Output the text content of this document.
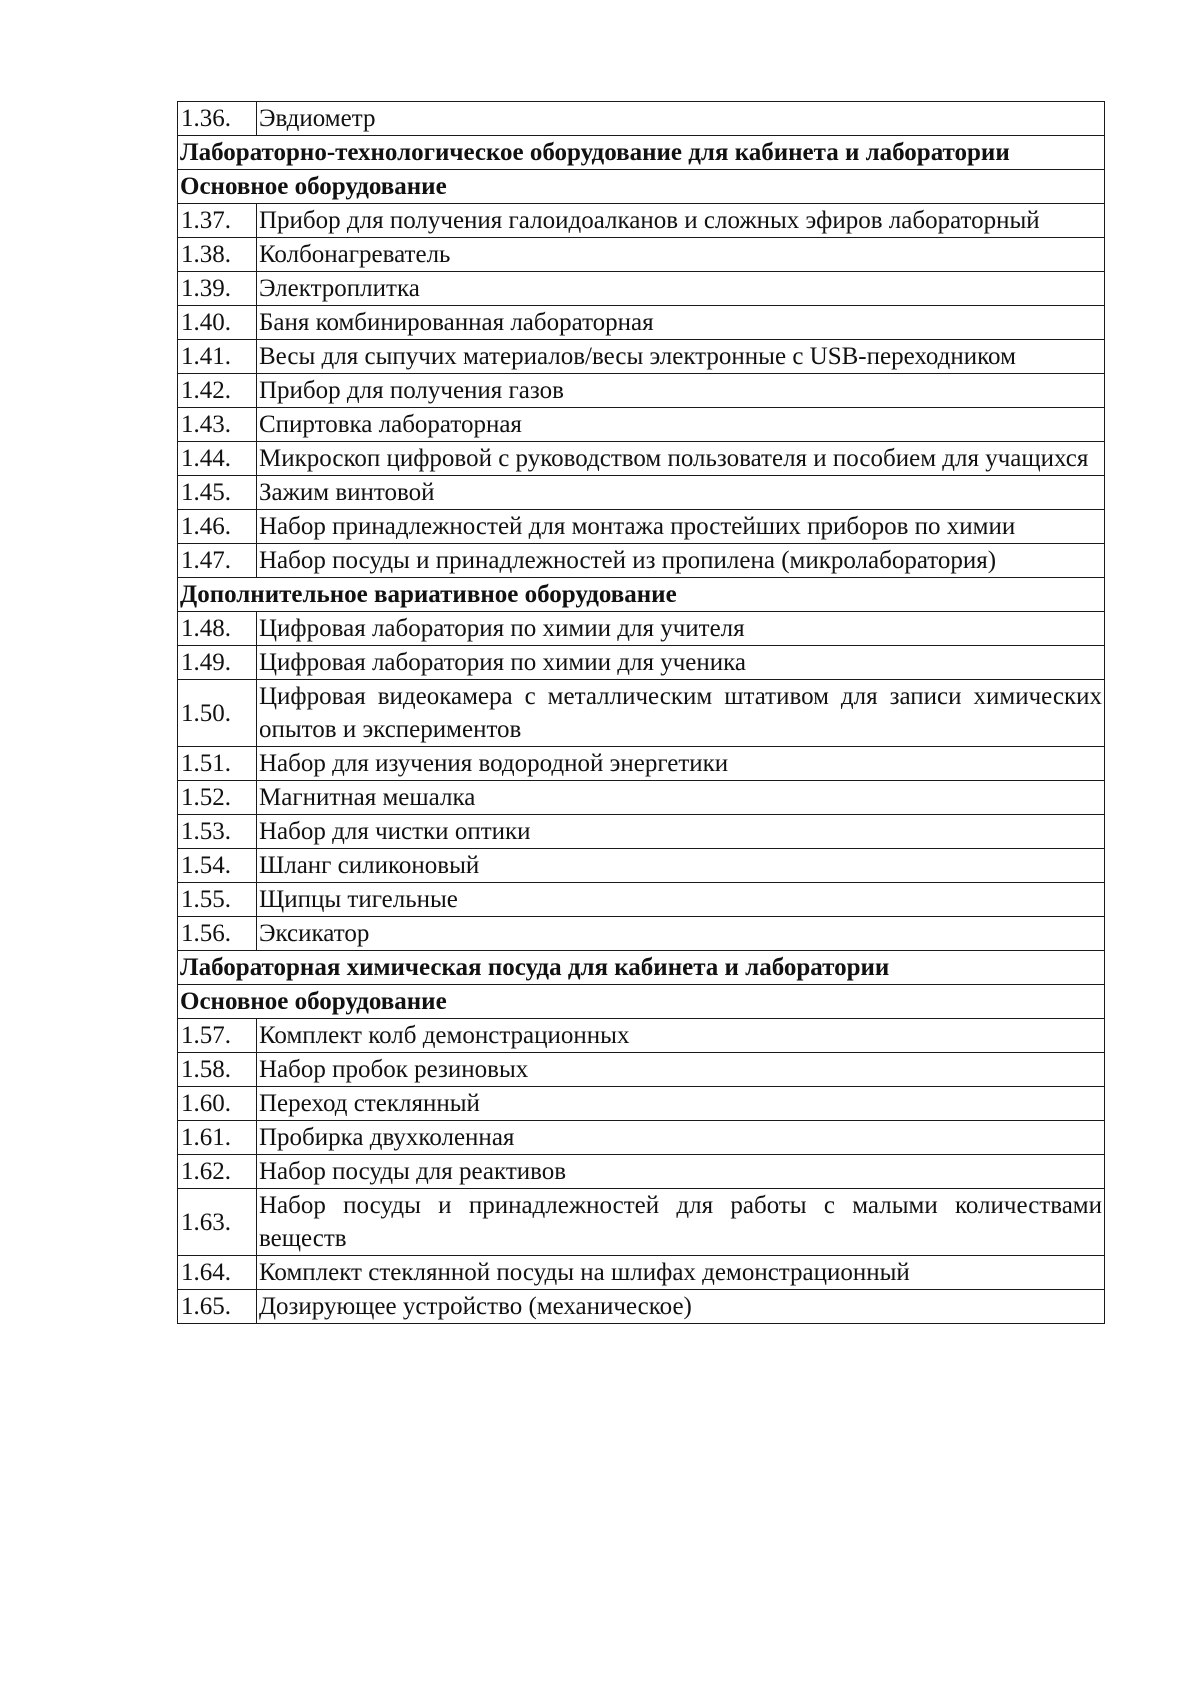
1.36.	Эвдиометр
Лабораторно-технологическое оборудование для кабинета и лаборатории	
Основное оборудование	
1.37.	Прибор для получения галоидоалканов и сложных эфиров лабораторный
1.38.	Колбонагреватель
1.39.	Электроплитка
1.40.	Баня комбинированная лабораторная
1.41.	Весы для сыпучих материалов/весы электронные с USB-переходником
1.42.	Прибор для получения газов
1.43.	Спиртовка лабораторная
1.44.	Микроскоп цифровой с руководством пользователя и пособием для учащихся
1.45.	Зажим винтовой
1.46.	Набор принадлежностей для монтажа простейших приборов по химии
1.47.	Набор посуды и принадлежностей из пропилена (микролаборатория)
Дополнительное вариативное оборудование	
1.48.	Цифровая лаборатория по химии для учителя
1.49.	Цифровая лаборатория по химии для ученика
1.50.	Цифровая видеокамера с металлическим штативом для записи химических опытов и экспериментов
1.51.	Набор для изучения водородной энергетики
1.52.	Магнитная мешалка
1.53.	Набор для чистки оптики
1.54.	Шланг силиконовый
1.55.	Щипцы тигельные
1.56.	Эксикатор
Лабораторная химическая посуда для кабинета и лаборатории	
Основное оборудование	
1.57.	Комплект колб демонстрационных
1.58.	Набор пробок резиновых
1.60.	Переход стеклянный
1.61.	Пробирка двухколенная
1.62.	Набор посуды для реактивов
1.63.	Набор посуды и принадлежностей для работы с малыми количествами веществ
1.64.	Комплект стеклянной посуды на шлифах демонстрационный
1.65.	Дозирующее устройство (механическое)
